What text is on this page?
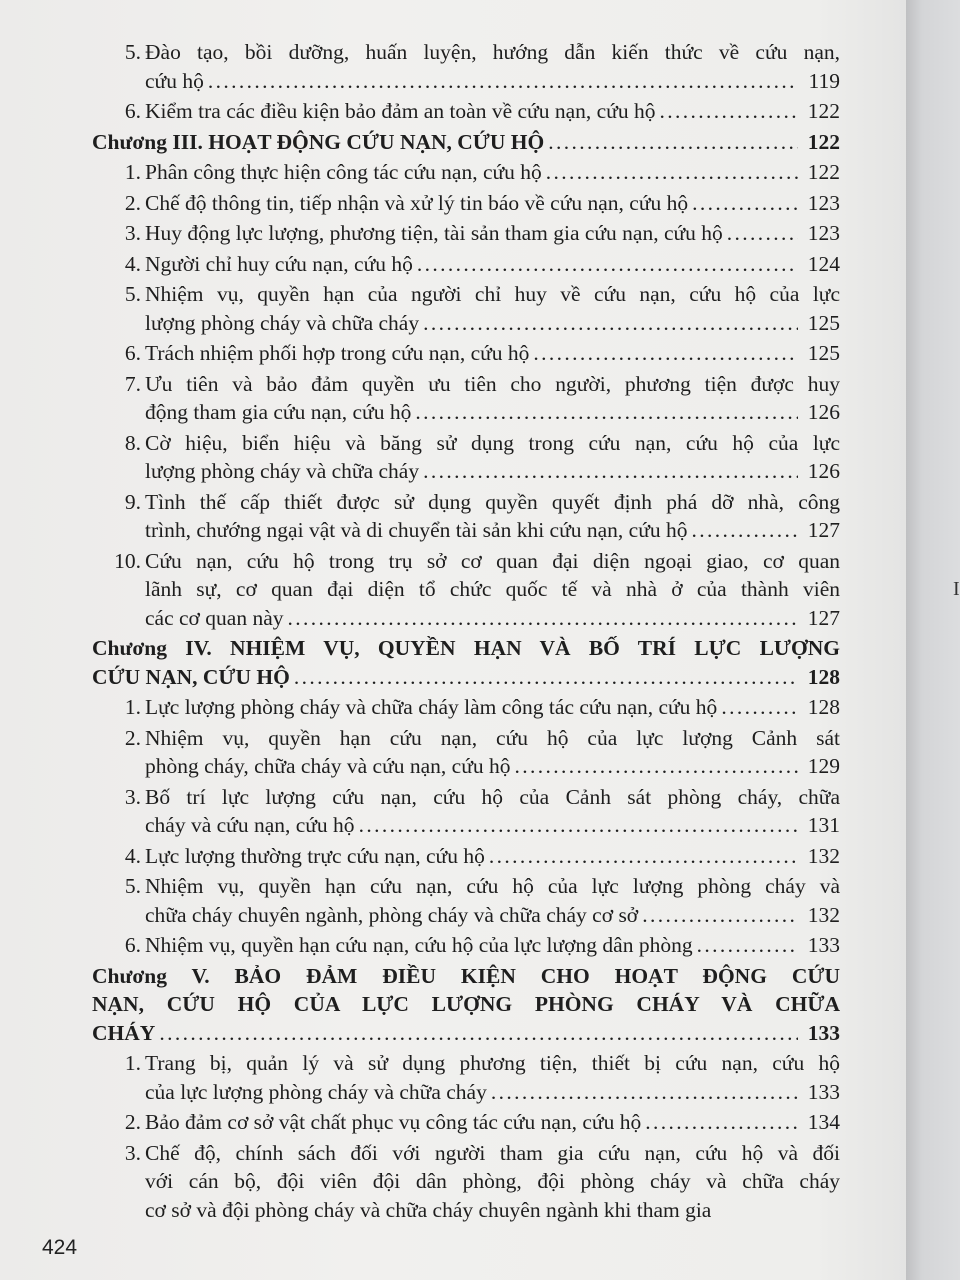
5. Đào tạo, bồi dưỡng, huấn luyện, hướng dẫn kiến thức về cứu nạn,
cứu hộ . . .	119
6. Kiểm tra các điều kiện bảo đảm an toàn về cứu nạn, cứu hộ . . .	122
Chương III. HOẠT ĐỘNG CỨU NẠN, CỨU HỘ . . .	122
1. Phân công thực hiện công tác cứu nạn, cứu hộ . . .	122
2. Chế độ thông tin, tiếp nhận và xử lý tin báo về cứu nạn, cứu hộ . . .	123
3. Huy động lực lượng, phương tiện, tài sản tham gia cứu nạn, cứu hộ . . .	123
4. Người chỉ huy cứu nạn, cứu hộ . . .	124
5. Nhiệm vụ, quyền hạn của người chỉ huy về cứu nạn, cứu hộ của lực
lượng phòng cháy và chữa cháy . . .	125
6. Trách nhiệm phối hợp trong cứu nạn, cứu hộ . . .	125
7. Ưu tiên và bảo đảm quyền ưu tiên cho người, phương tiện được huy
động tham gia cứu nạn, cứu hộ . . .	126
8. Cờ hiệu, biển hiệu và băng sử dụng trong cứu nạn, cứu hộ của lực
lượng phòng cháy và chữa cháy . . .	126
9. Tình thế cấp thiết được sử dụng quyền quyết định phá dỡ nhà, công
trình, chướng ngại vật và di chuyển tài sản khi cứu nạn, cứu hộ . . .	127
10. Cứu nạn, cứu hộ trong trụ sở cơ quan đại diện ngoại giao, cơ quan
lãnh sự, cơ quan đại diện tổ chức quốc tế và nhà ở của thành viên
các cơ quan này . . .	127
Chương IV. NHIỆM VỤ, QUYỀN HẠN VÀ BỐ TRÍ LỰC LƯỢNG
CỨU NẠN, CỨU HỘ . . .	128
1. Lực lượng phòng cháy và chữa cháy làm công tác cứu nạn, cứu hộ . . .	128
2. Nhiệm vụ, quyền hạn cứu nạn, cứu hộ của lực lượng Cảnh sát
phòng cháy, chữa cháy và cứu nạn, cứu hộ . . .	129
3. Bố trí lực lượng cứu nạn, cứu hộ của Cảnh sát phòng cháy, chữa
cháy và cứu nạn, cứu hộ . . .	131
4. Lực lượng thường trực cứu nạn, cứu hộ . . .	132
5. Nhiệm vụ, quyền hạn cứu nạn, cứu hộ của lực lượng phòng cháy và
chữa cháy chuyên ngành, phòng cháy và chữa cháy cơ sở . . .	132
6. Nhiệm vụ, quyền hạn cứu nạn, cứu hộ của lực lượng dân phòng . . .	133
Chương V. BẢO ĐẢM ĐIỀU KIỆN CHO HOẠT ĐỘNG CỨU
NẠN, CỨU HỘ CỦA LỰC LƯỢNG PHÒNG CHÁY VÀ CHỮA
CHÁY . . .	133
1. Trang bị, quản lý và sử dụng phương tiện, thiết bị cứu nạn, cứu hộ
của lực lượng phòng cháy và chữa cháy . . .	133
2. Bảo đảm cơ sở vật chất phục vụ công tác cứu nạn, cứu hộ . . .	134
3. Chế độ, chính sách đối với người tham gia cứu nạn, cứu hộ và đối
với cán bộ, đội viên đội dân phòng, đội phòng cháy và chữa cháy
cơ sở và đội phòng cháy và chữa cháy chuyên ngành khi tham gia
424
I
